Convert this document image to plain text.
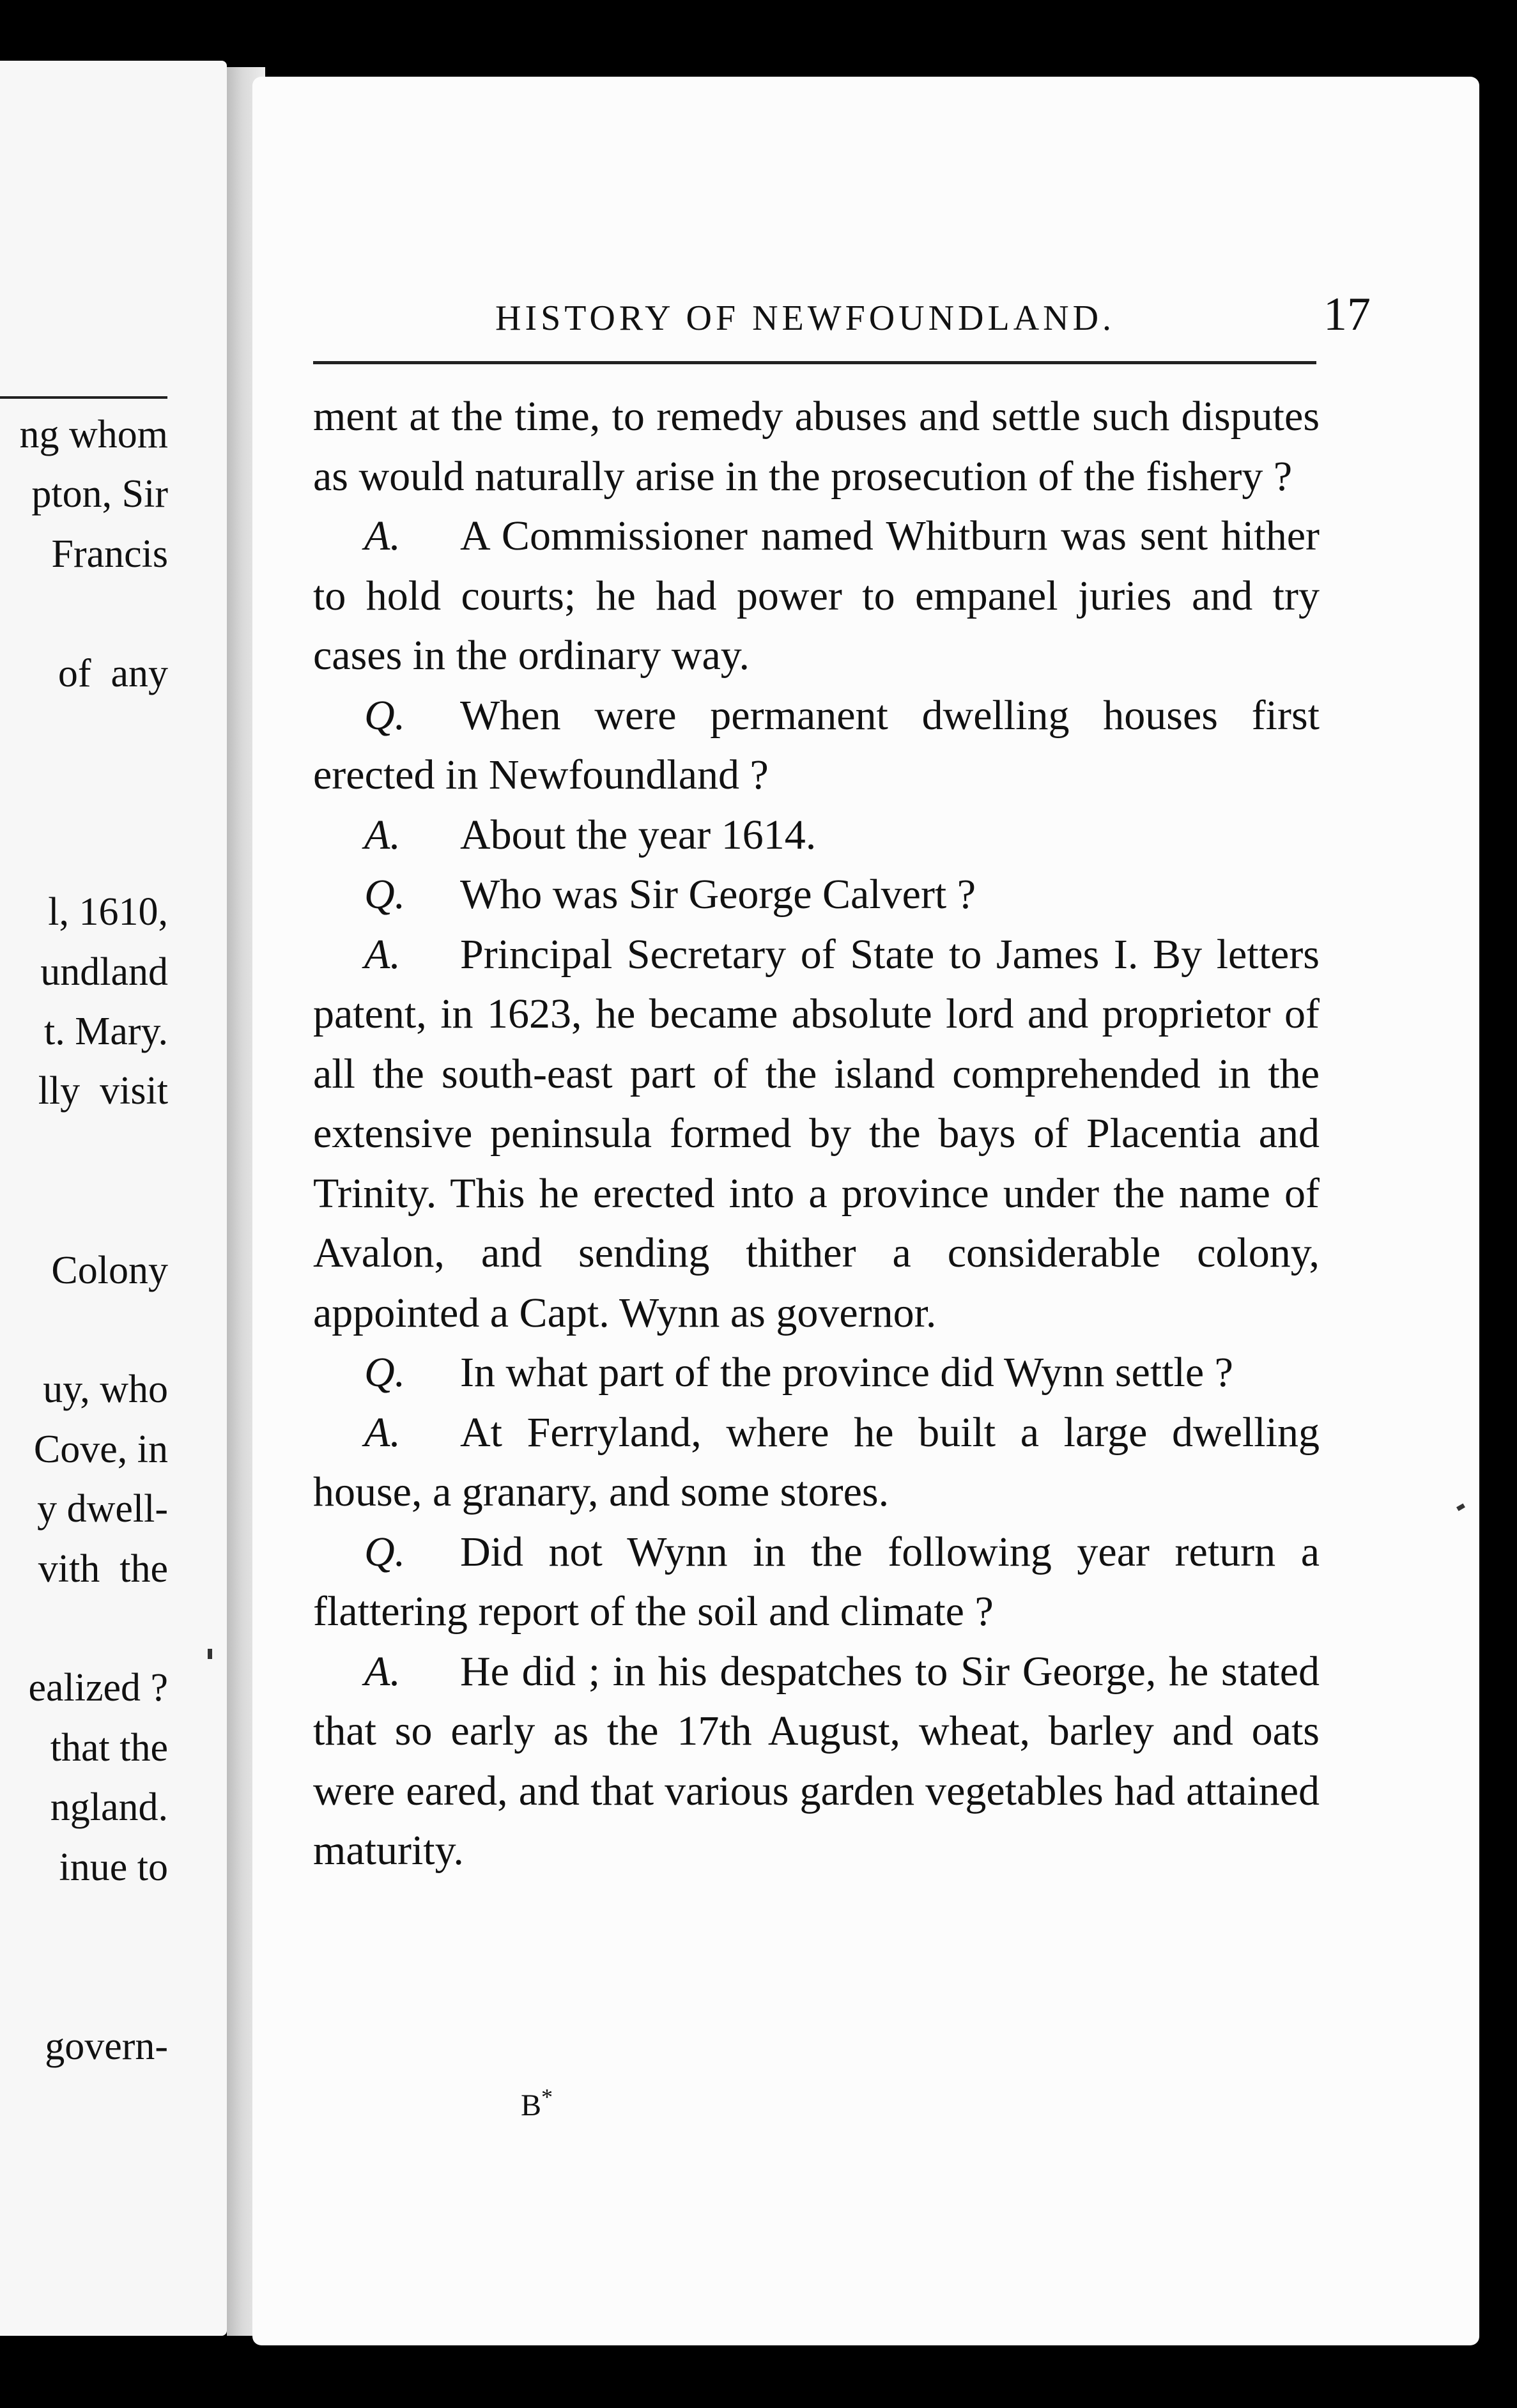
ng whom

pton, Sir

Francis

of  any

l, 1610,

undland

t. Mary.

lly  visit

Colony

uy, who

Cove, in

y dwell-

vith  the

ealized ?

that the

ngland.

inue to

govern-

HISTORY OF NEWFOUNDLAND.	17

ment at the time, to remedy abuses and settle such disputes as would naturally arise in the prosecution of the fishery ?

A. A Commissioner named Whitburn was sent hither to hold courts; he had power to empanel juries and try cases in the ordinary way.

Q. When were permanent dwelling houses first erected in Newfoundland ?

A. About the year 1614.

Q. Who was Sir George Calvert ?

A. Principal Secretary of State to James I. By letters patent, in 1623, he became absolute lord and proprietor of all the south-east part of the island comprehended in the extensive peninsula formed by the bays of Placentia and Trinity. This he erected into a province under the name of Avalon, and sending thither a considerable colony, appointed a Capt. Wynn as governor.

Q. In what part of the province did Wynn settle ?

A. At Ferryland, where he built a large dwelling house, a granary, and some stores.

Q. Did not Wynn in the following year return a flattering report of the soil and climate ?

A. He did ; in his despatches to Sir George, he stated that so early as the 17th August, wheat, barley and oats were eared, and that various garden vegetables had attained maturity.

B*
